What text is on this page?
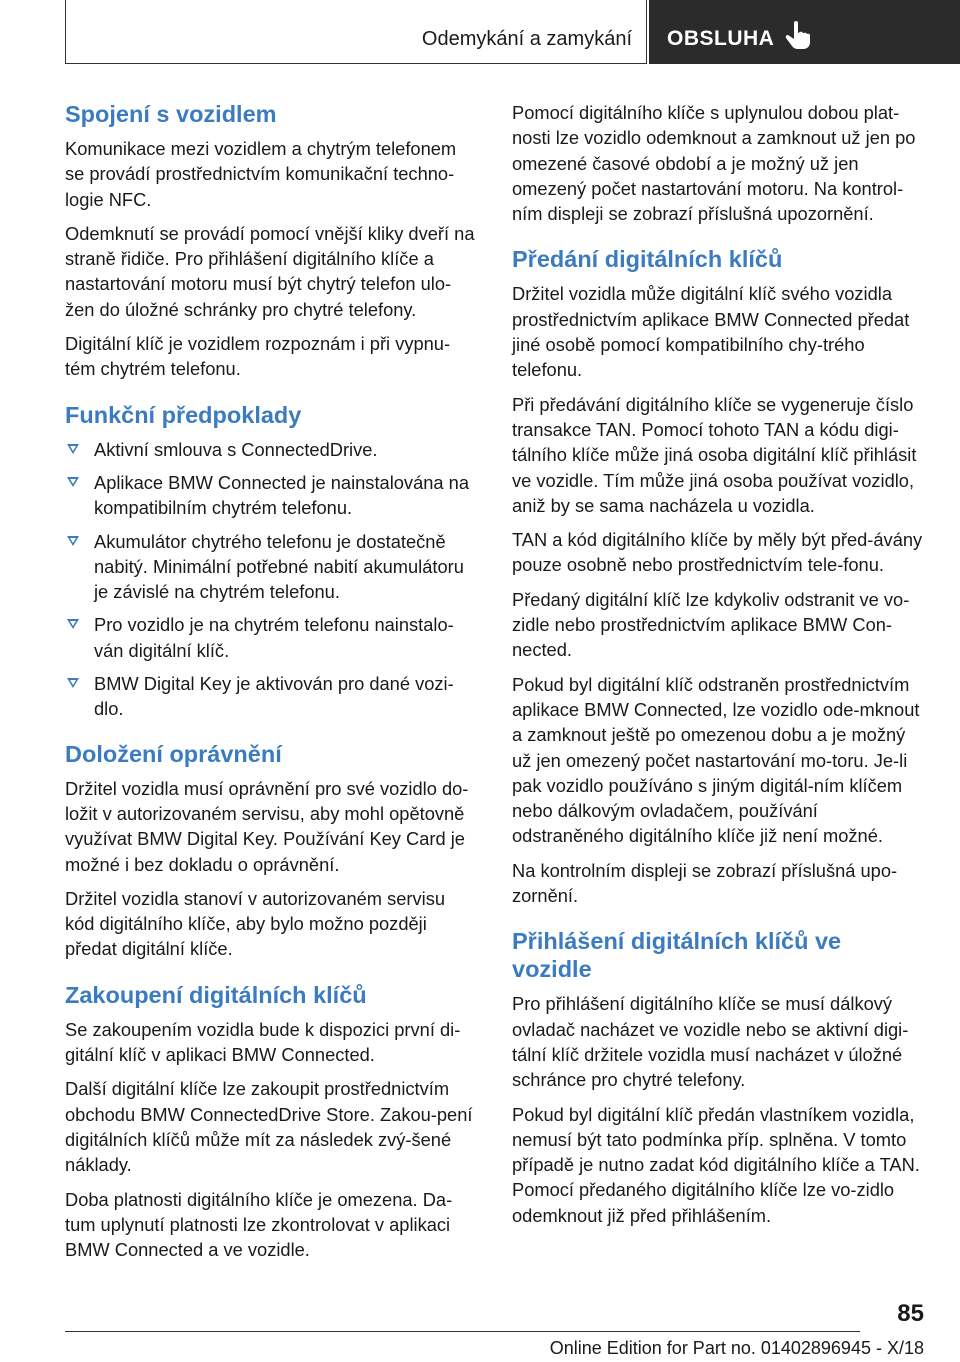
Odemykání a zamykání OBSLUHA
Spojení s vozidlem

Komunikace mezi vozidlem a chytrým telefonem se provádí prostřednictvím komunikační techno‐logie NFC.

Odemknutí se provádí pomocí vnější kliky dveří na straně řidiče. Pro přihlášení digitálního klíče a nastartování motoru musí být chytrý telefon ulo‐žen do úložné schránky pro chytré telefony.

Digitální klíč je vozidlem rozpoznám i při vypnu‐tém chytrém telefonu.

Funkční předpoklady
Aktivní smlouva s ConnectedDrive.
Aplikace BMW Connected je nainstalována na kompatibilním chytrém telefonu.
Akumulátor chytrého telefonu je dostatečně nabitý. Minimální potřebné nabití akumulátoru je závislé na chytrém telefonu.
Pro vozidlo je na chytrém telefonu nainstalo‐ván digitální klíč.
BMW Digital Key je aktivován pro dané vozi‐dlo.
Doložení oprávnění

Držitel vozidla musí oprávnění pro své vozidlo do‐ložit v autorizovaném servisu, aby mohl opětovně využívat BMW Digital Key. Používání Key Card je možné i bez dokladu o oprávnění.

Držitel vozidla stanoví v autorizovaném servisu kód digitálního klíče, aby bylo možno později předat digitální klíče.

Zakoupení digitálních klíčů

Se zakoupením vozidla bude k dispozici první di‐gitální klíč v aplikaci BMW Connected.

Další digitální klíče lze zakoupit prostřednictvím obchodu BMW ConnectedDrive Store. Zakou‐pení digitálních klíčů může mít za následek zvý‐šené náklady.

Doba platnosti digitálního klíče je omezena. Da‐tum uplynutí platnosti lze zkontrolovat v aplikaci BMW Connected a ve vozidle.

Pomocí digitálního klíče s uplynulou dobou plat‐nosti lze vozidlo odemknout a zamknout už jen po omezené časové období a je možný už jen omezený počet nastartování motoru. Na kontrol‐ním displeji se zobrazí příslušná upozornění.

Předání digitálních klíčů

Držitel vozidla může digitální klíč svého vozidla prostřednictvím aplikace BMW Connected předat jiné osobě pomocí kompatibilního chy‐trého telefonu.

Při předávání digitálního klíče se vygeneruje číslo transakce TAN. Pomocí tohoto TAN a kódu digi‐tálního klíče může jiná osoba digitální klíč přihlásit ve vozidle. Tím může jiná osoba používat vozidlo, aniž by se sama nacházela u vozidla.

TAN a kód digitálního klíče by měly být před‐ávány pouze osobně nebo prostřednictvím tele‐fonu.

Předaný digitální klíč lze kdykoliv odstranit ve vo‐zidle nebo prostřednictvím aplikace BMW Con‐nected.

Pokud byl digitální klíč odstraněn prostřednictvím aplikace BMW Connected, lze vozidlo ode‐mknout a zamknout ještě po omezenou dobu a je možný už jen omezený počet nastartování mo‐toru. Je-li pak vozidlo používáno s jiným digitál‐ním klíčem nebo dálkovým ovladačem, používání odstraněného digitálního klíče již není možné.

Na kontrolním displeji se zobrazí příslušná upo‐zornění.

Přihlášení digitálních klíčů ve vozidle

Pro přihlášení digitálního klíče se musí dálkový ovladač nacházet ve vozidle nebo se aktivní digi‐tální klíč držitele vozidla musí nacházet v úložné schránce pro chytré telefony.

Pokud byl digitální klíč předán vlastníkem vozidla, nemusí být tato podmínka příp. splněna. V tomto případě je nutno zadat kód digitálního klíče a TAN. Pomocí předaného digitálního klíče lze vo‐zidlo odemknout již před přihlášením.

85
Online Edition for Part no. 01402896945 - X/18
